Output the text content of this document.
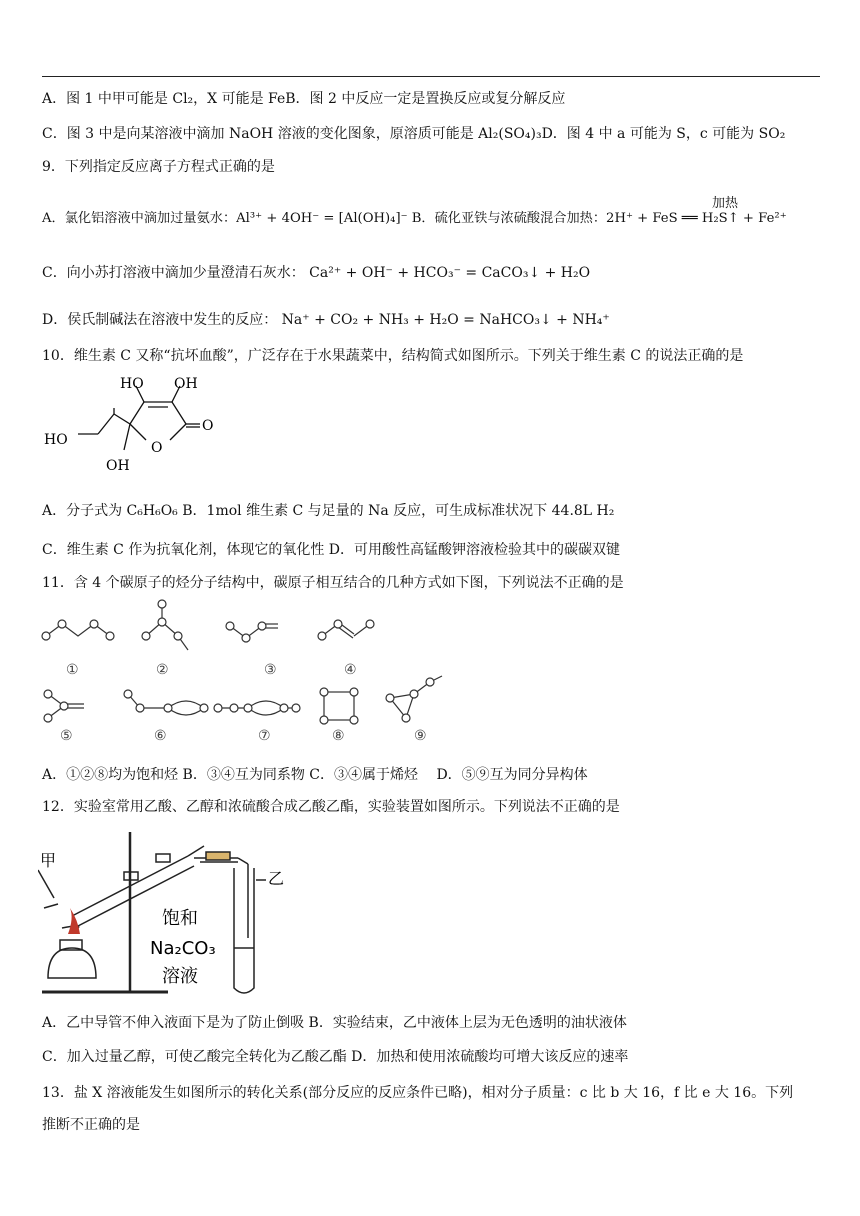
A．图 1 中甲可能是 Cl₂，X 可能是 FeB．图 2 中反应一定是置换反应或复分解反应
C．图 3 中是向某溶液中滴加 NaOH 溶液的变化图象，原溶质可能是 Al₂(SO₄)₃D．图 4 中 a 可能为 S，c 可能为 SO₂
9．下列指定反应离子方程式正确的是
加热
A．氯化铝溶液中滴加过量氨水：Al³⁺ + 4OH⁻ = [Al(OH)₄]⁻ B．硫化亚铁与浓硫酸混合加热：2H⁺ + FeS ══ H₂S↑ + Fe²⁺
C．向小苏打溶液中滴加少量澄清石灰水： Ca²⁺ + OH⁻ + HCO₃⁻ = CaCO₃↓ + H₂O
D．侯氏制碱法在溶液中发生的反应： Na⁺ + CO₂ + NH₃ + H₂O = NaHCO₃↓ + NH₄⁺
10．维生素 C 又称“抗坏血酸”，广泛存在于水果蔬菜中，结构简式如图所示。下列关于维生素 C 的说法正确的是
HO OH
HO
OH
O
O
A．分子式为 C₆H₆O₆ B．1mol 维生素 C 与足量的 Na 反应，可生成标准状况下 44.8L H₂
C．维生素 C 作为抗氧化剂，体现它的氧化性 D．可用酸性高锰酸钾溶液检验其中的碳碳双键
11．含 4 个碳原子的烃分子结构中，碳原子相互结合的几种方式如下图，下列说法不正确的是
①	②	③	④
⑤	⑥	⑦	⑧	⑨
A．①②⑧均为饱和烃 B．③④互为同系物 C．③④属于烯烃　 D．⑤⑨互为同分异构体
12．实验室常用乙酸、乙醇和浓硫酸合成乙酸乙酯，实验装置如图所示。下列说法不正确的是
甲
乙
饱和
Na₂CO₃
溶液
A．乙中导管不伸入液面下是为了防止倒吸 B．实验结束，乙中液体上层为无色透明的油状液体
C．加入过量乙醇，可使乙酸完全转化为乙酸乙酯 D．加热和使用浓硫酸均可增大该反应的速率
13．盐 X 溶液能发生如图所示的转化关系(部分反应的反应条件已略)，相对分子质量：c 比 b 大 16，f 比 e 大 16。下列
推断不正确的是
